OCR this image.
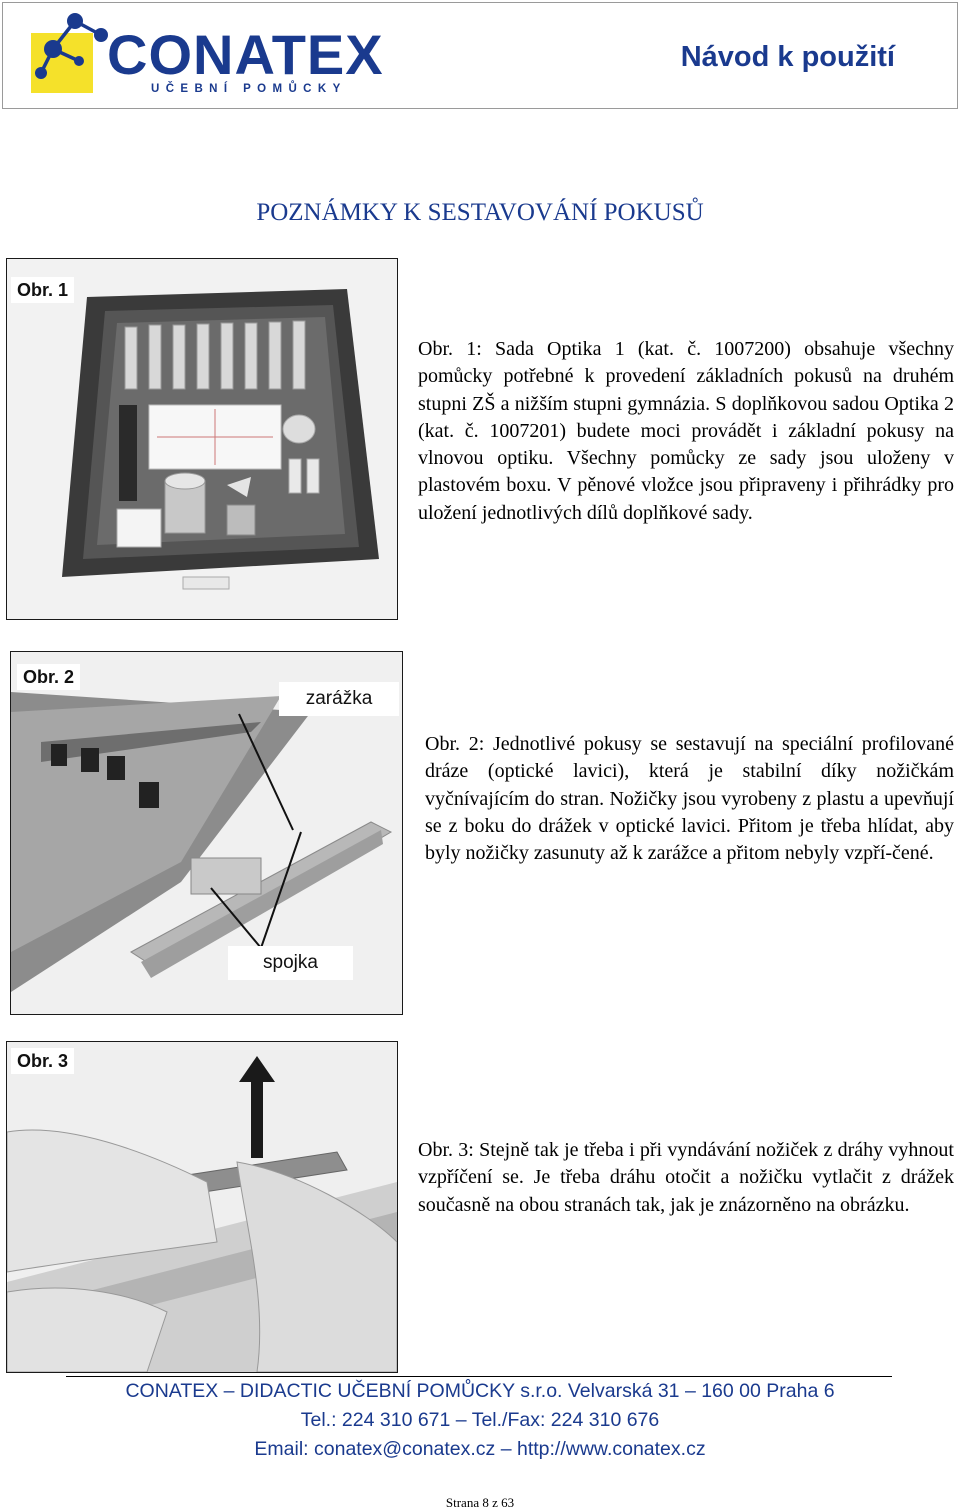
CONATEX
UČEBNÍ POMŮCKY
Návod k použití
POZNÁMKY K SESTAVOVÁNÍ POKUSŮ
Obr. 1
Obr. 1: Sada Optika 1 (kat. č. 1007200) obsahuje všechny pomůcky potřebné k provedení základních pokusů na druhém stupni ZŠ a nižším stupni gymnázia. S doplňkovou sadou Optika 2 (kat. č. 1007201) budete moci provádět i základní pokusy na vlnovou optiku. Všechny pomůcky ze sady jsou uloženy v plastovém boxu. V pěnové vložce jsou připraveny i přihrádky pro uložení jednotlivých dílů doplňkové sady.
Obr. 2
zarážka
spojka
Obr. 2: Jednotlivé pokusy se sestavují na speciální profilované dráze (optické lavici), která je stabilní díky nožičkám vyčnívajícím do stran. Nožičky jsou vyrobeny z plastu a upevňují se z boku do drážek v optické lavici. Přitom je třeba hlídat, aby byly nožičky zasunuty až k zarážce a přitom nebyly vzpří-čené.
Obr. 3
Obr. 3: Stejně tak je třeba i při vyndávání nožiček z dráhy vyhnout vzpříčení se. Je třeba dráhu otočit a nožičku vytlačit z drážek současně na obou stranách tak, jak je znázorněno na obrázku.
CONATEX – DIDACTIC UČEBNÍ POMŮCKY s.r.o. Velvarská 31 – 160 00 Praha 6
Tel.: 224 310 671 – Tel./Fax: 224 310 676
Email: conatex@conatex.cz – http://www.conatex.cz
Strana 8 z 63
